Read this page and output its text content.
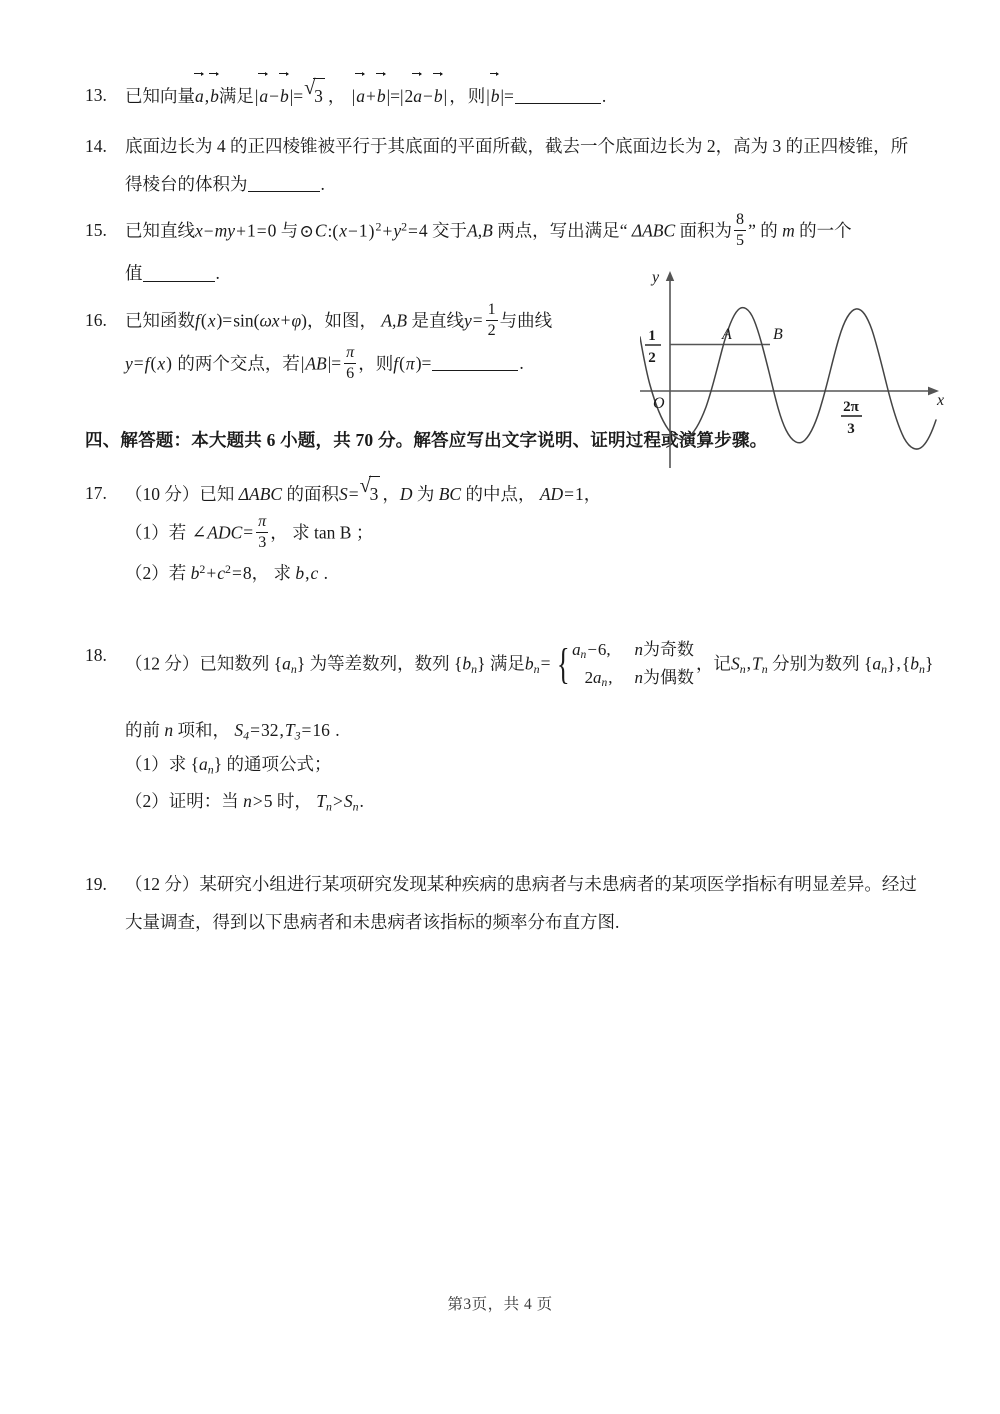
13.	已知向量a,b满足|a−b|= √
3 ， |a+b|=|2a−b| ，则|b|=	.
14.	底面边长为 4 的正四棱锥被平行于其底面的平面所截，截去一个底面边长为 2，高为 3 的正四棱锥，所
得棱台的体积为	.
15.	已知直线x−my+1=0 与$⊙C:(x-1)^2+y^2=4$ 交于A,B 两点，写出满足“ ΔABC 面积为 $\frac{8}{5}$ ” 的 m 的一个
值	.
16.	已知函数f(x)=sin(ωx+φ)，如图， A,B 是直线$y= \frac{1}{2}$ 与曲线
y=f(x) 的两个交点，若$|AB|= \frac{\pi}{6}$ ，则f(π)=	.
四、解答题：本大题共 6 小题，共 70 分。解答应写出文字说明、证明过程或演算步骤。
17.	（10 分）已知 ΔABC 的面积S= √
3 ，D 为 BC 的中点， AD=1，
（1）若 ∠ADC= $\frac{\pi}{3}$ ， 求 tan B ；
（2）若 $b^2+c^2=8$， 求 b,c .
18.	（12 分）已知数列 $\{a_n\}$ 为等差数列，数列 $\{b_n\}$ 满足$b_n=$ { $a_n-6$, n为奇数
$2a_n$, n为偶数
，记$S_n,T_n$ 分别为数列 $\{a_n\},\{b_n\}$
的前 n 项和， $S_4=32,T_3=16$ .
（1）求 $\{a_n\}$ 的通项公式；
（2）证明：当 n>5 时， $T_n>S_n$.
19.	（12 分）某研究小组进行某项研究发现某种疾病的患病者与未患病者的某项医学指标有明显差异。经过
大量调查，得到以下患病者和未患病者该指标的频率分布直方图.
y
x
O
1
2
A	B
2π
3
第3页，共 4 页
